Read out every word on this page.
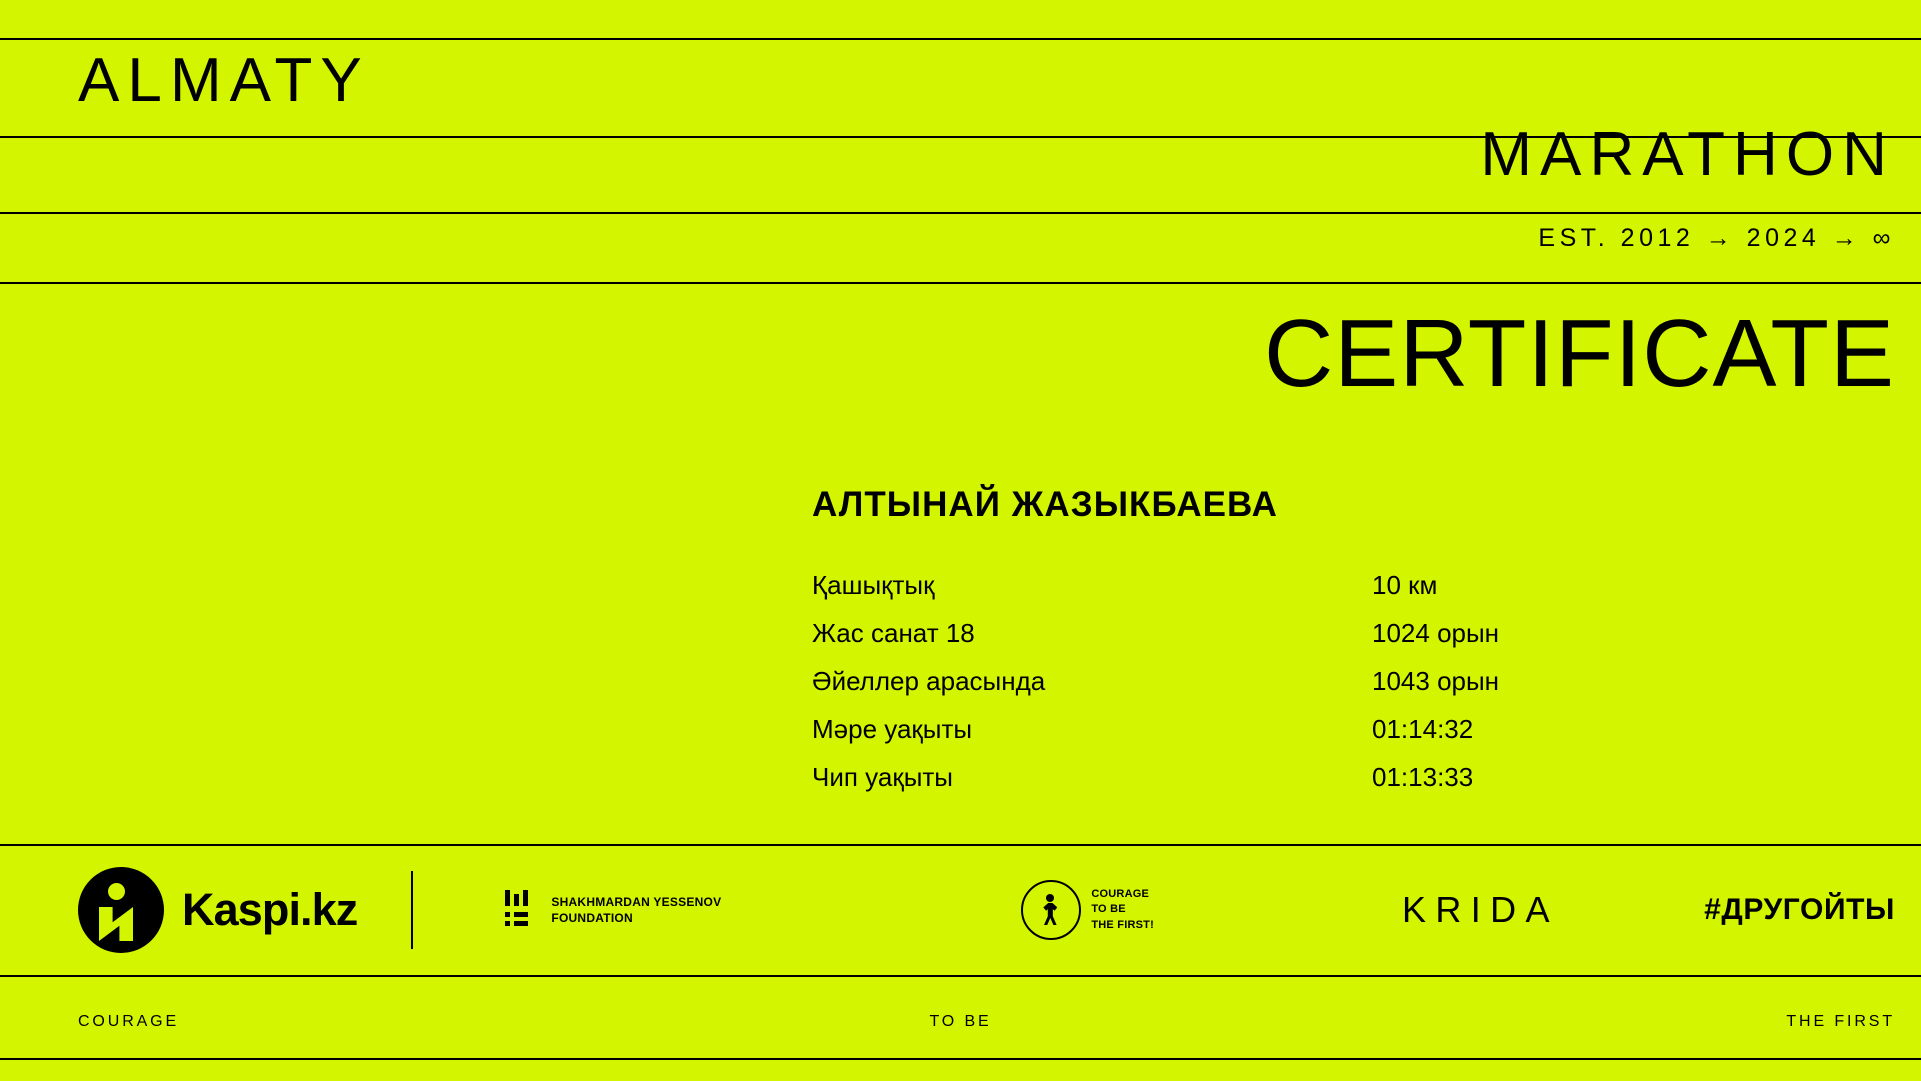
ALMATY
MARATHON
EST. 2012 → 2024 → ∞
CERTIFICATE
АЛТЫНАЙ ЖАЗЫКБАЕВА
Қашықтық	10 км
Жас санат 18	1024 орын
Әйеллер арасында	1043 орын
Мәре уақыты	01:14:32
Чип уақыты	01:13:33
Kaspi.kz	SHAKHMARDAN YESSENOV
FOUNDATION
COURAGE
TO BE
THE FIRST!	KRIDA	#ДРУГОЙТЫ
COURAGE	TO BE	THE FIRST
